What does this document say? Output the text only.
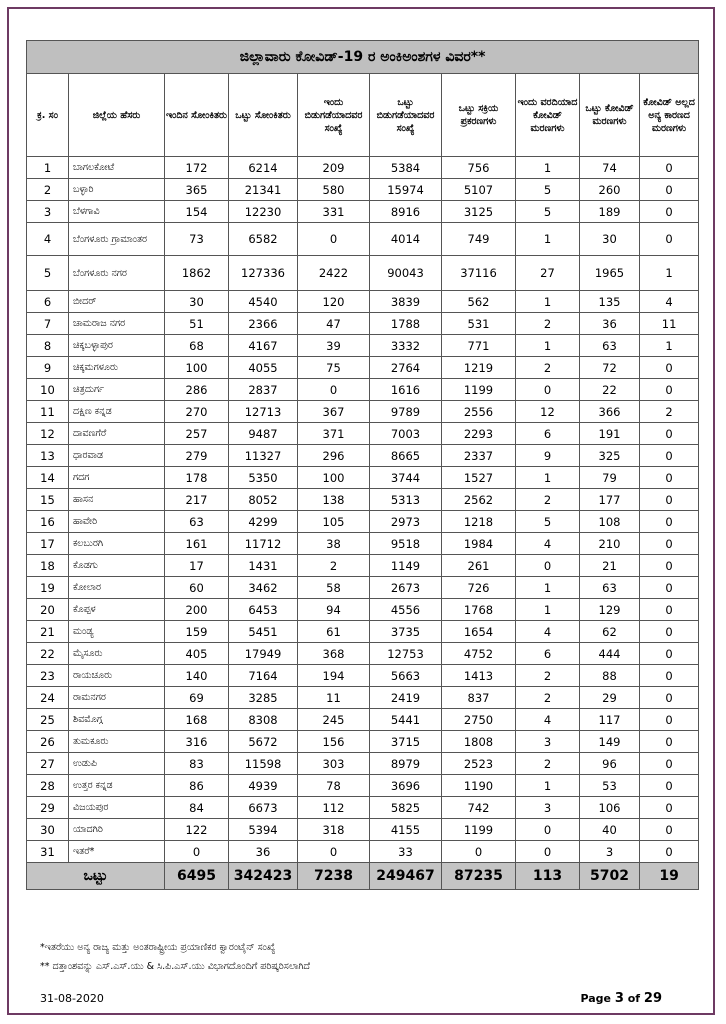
ಜಿಲ್ಲಾವಾರು ಕೋವಿಡ್-19 ರ ಅಂಕಿಅಂಶಗಳ ವಿವರ**									
ಕ್ರ. ಸಂ	ಜಿಲ್ಲೆಯ ಹೆಸರು	ಇಂದಿನ ಸೋಂಕಿತರು	ಒಟ್ಟು ಸೋಂಕಿತರು	ಇಂದು ಬಿಡುಗಡೆಯಾದವರ ಸಂಖ್ಯೆ	ಒಟ್ಟು ಬಿಡುಗಡೆಯಾದವರ ಸಂಖ್ಯೆ	ಒಟ್ಟು ಸಕ್ರಿಯ ಪ್ರಕರಣಗಳು	ಇಂದು ವರದಿಯಾದ ಕೋವಿಡ್ ಮರಣಗಳು	ಒಟ್ಟು ಕೋವಿಡ್ ಮರಣಗಳು	ಕೋವಿಡ್ ಅಲ್ಲದ ಅನ್ಯ ಕಾರಣದ ಮರಣಗಳು
1	ಬಾಗಲಕೋಟೆ	172	6214	209	5384	756	1	74	0
2	ಬಳ್ಳಾರಿ	365	21341	580	15974	5107	5	260	0
3	ಬೆಳಗಾವಿ	154	12230	331	8916	3125	5	189	0
4	ಬೆಂಗಳೂರು ಗ್ರಾಮಾಂತರ	73	6582	0	4014	749	1	30	0
5	ಬೆಂಗಳೂರು ನಗರ	1862	127336	2422	90043	37116	27	1965	1
6	ಬೀದರ್	30	4540	120	3839	562	1	135	4
7	ಚಾಮರಾಜ ನಗರ	51	2366	47	1788	531	2	36	11
8	ಚಿಕ್ಕಬಳ್ಳಾಪುರ	68	4167	39	3332	771	1	63	1
9	ಚಿಕ್ಕಮಗಳೂರು	100	4055	75	2764	1219	2	72	0
10	ಚಿತ್ರದುರ್ಗ	286	2837	0	1616	1199	0	22	0
11	ದಕ್ಷಿಣ ಕನ್ನಡ	270	12713	367	9789	2556	12	366	2
12	ದಾವಣಗೆರೆ	257	9487	371	7003	2293	6	191	0
13	ಧಾರವಾಡ	279	11327	296	8665	2337	9	325	0
14	ಗದಗ	178	5350	100	3744	1527	1	79	0
15	ಹಾಸನ	217	8052	138	5313	2562	2	177	0
16	ಹಾವೇರಿ	63	4299	105	2973	1218	5	108	0
17	ಕಲಬುರಗಿ	161	11712	38	9518	1984	4	210	0
18	ಕೊಡಗು	17	1431	2	1149	261	0	21	0
19	ಕೋಲಾರ	60	3462	58	2673	726	1	63	0
20	ಕೊಪ್ಪಳ	200	6453	94	4556	1768	1	129	0
21	ಮಂಡ್ಯ	159	5451	61	3735	1654	4	62	0
22	ಮೈಸೂರು	405	17949	368	12753	4752	6	444	0
23	ರಾಯಚೂರು	140	7164	194	5663	1413	2	88	0
24	ರಾಮನಗರ	69	3285	11	2419	837	2	29	0
25	ಶಿವಮೊಗ್ಗ	168	8308	245	5441	2750	4	117	0
26	ತುಮಕೂರು	316	5672	156	3715	1808	3	149	0
27	ಉಡುಪಿ	83	11598	303	8979	2523	2	96	0
28	ಉತ್ತರ ಕನ್ನಡ	86	4939	78	3696	1190	1	53	0
29	ವಿಜಯಪುರ	84	6673	112	5825	742	3	106	0
30	ಯಾದಗಿರಿ	122	5394	318	4155	1199	0	40	0
31	ಇತರೆ*	0	36	0	33	0	0	3	0
ಒಟ್ಟು		6495	342423	7238	249467	87235	113	5702	19
*ಇತರೆಯು ಅನ್ಯ ರಾಜ್ಯ ಮತ್ತು ಅಂತರಾಷ್ಟ್ರೀಯ ಪ್ರಯಾಣಿಕರ ಕ್ವಾರಂಟೈನ್ ಸಂಖ್ಯೆ
** ದತ್ತಾಂಶವನ್ನು ಎಸ್.ಎಸ್.ಯು & ಸಿ.ಪಿ.ಎಸ್.ಯು ವಿಭಾಗದೊಂದಿಗೆ ಪರಿಷ್ಕರಿಸಲಾಗಿದೆ
31-08-2020	Page 3 of 29
